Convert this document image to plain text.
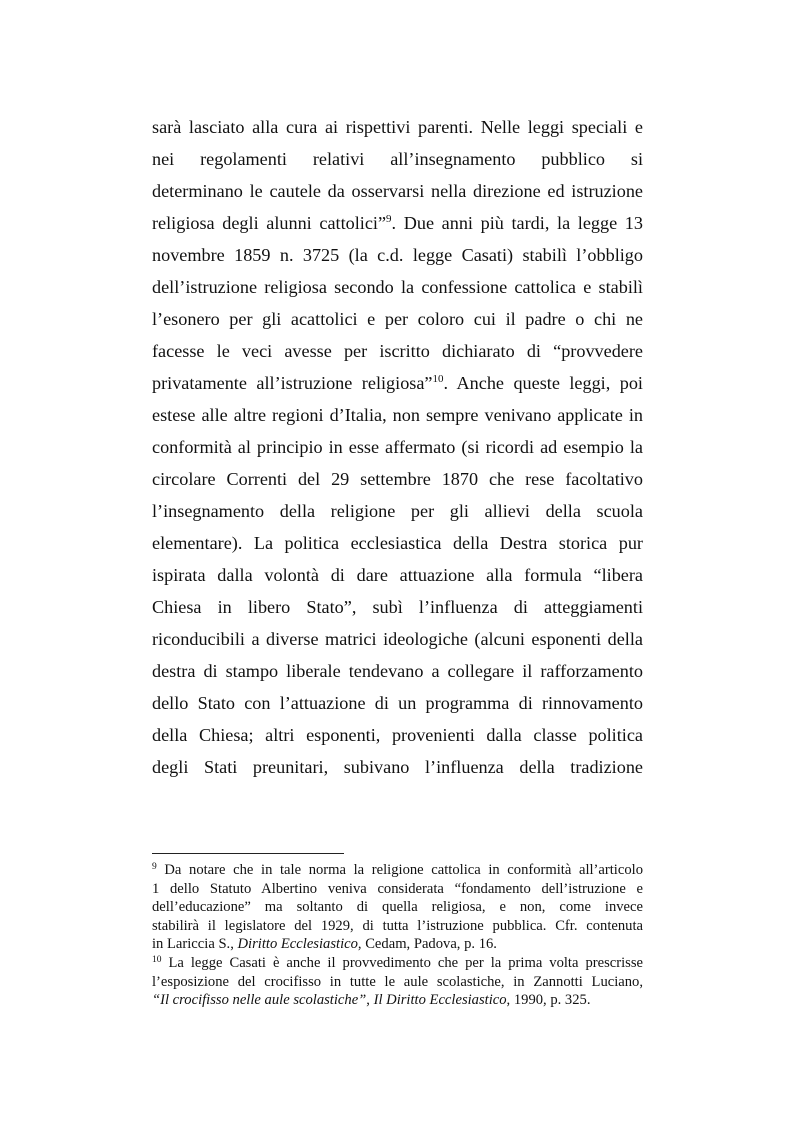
sarà lasciato alla cura ai rispettivi parenti. Nelle leggi speciali e
nei regolamenti relativi all’insegnamento pubblico si
determinano le cautele da osservarsi nella direzione ed istruzione
religiosa degli alunni cattolici”$^9$. Due anni più tardi, la legge 13
novembre 1859 n. 3725 (la c.d. legge Casati) stabilì l’obbligo
dell’istruzione religiosa secondo la confessione cattolica e stabilì
l’esonero per gli acattolici e per coloro cui il padre o chi ne
facesse le veci avesse per iscritto dichiarato di “provvedere
privatamente all’istruzione religiosa”$^{10}$. Anche queste leggi, poi
estese alle altre regioni d’Italia, non sempre venivano applicate in
conformità al principio in esse affermato (si ricordi ad esempio la
circolare Correnti del 29 settembre 1870 che rese facoltativo
l’insegnamento della religione per gli allievi della scuola
elementare). La politica ecclesiastica della Destra storica pur
ispirata dalla volontà di dare attuazione alla formula “libera
Chiesa in libero Stato”, subì l’influenza di atteggiamenti
riconducibili a diverse matrici ideologiche (alcuni esponenti della
destra di stampo liberale tendevano a collegare il rafforzamento
dello Stato con l’attuazione di un programma di rinnovamento
della Chiesa; altri esponenti, provenienti dalla classe politica
degli Stati preunitari, subivano l’influenza della tradizione
$^9$ Da notare che in tale norma la religione cattolica in conformità all’articolo
1 dello Statuto Albertino veniva considerata “fondamento dell’istruzione e
dell’educazione” ma soltanto di quella religiosa, e non, come invece
stabilirà il legislatore del 1929, di tutta l’istruzione pubblica. Cfr. contenuta
in Lariccia S., Diritto Ecclesiastico, Cedam, Padova, p. 16.
$^{10}$ La legge Casati è anche il provvedimento che per la prima volta prescrisse
l’esposizione del crocifisso in tutte le aule scolastiche, in Zannotti Luciano,
“Il crocifisso nelle aule scolastiche”, Il Diritto Ecclesiastico, 1990, p. 325.
